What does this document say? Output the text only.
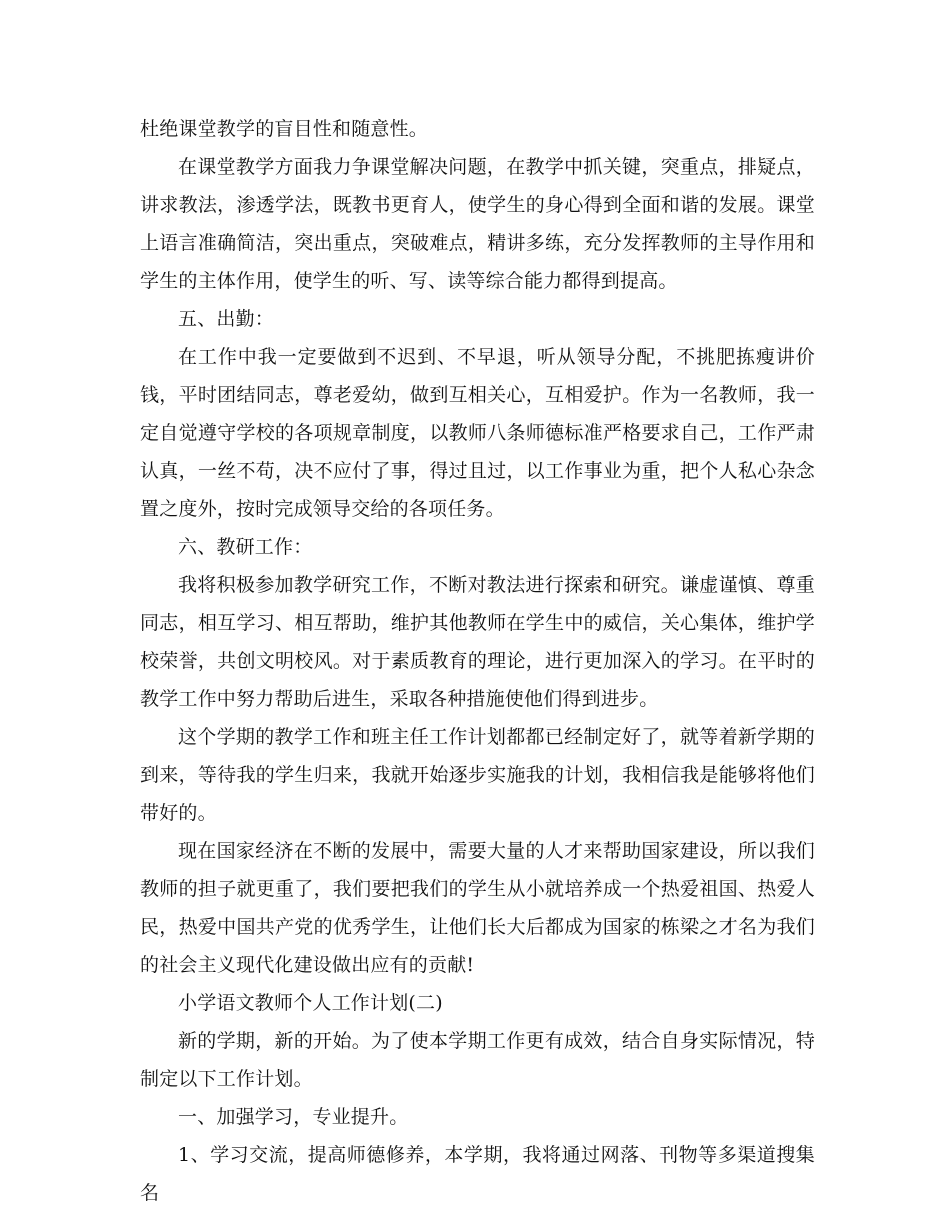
杜绝课堂教学的盲目性和随意性。

在课堂教学方面我力争课堂解决问题，在教学中抓关键，突重点，排疑点，讲求教法，渗透学法，既教书更育人，使学生的身心得到全面和谐的发展。课堂上语言准确简洁，突出重点，突破难点，精讲多练，充分发挥教师的主导作用和学生的主体作用，使学生的听、写、读等综合能力都得到提高。

五、出勤：

在工作中我一定要做到不迟到、不早退，听从领导分配，不挑肥拣瘦讲价钱，平时团结同志，尊老爱幼，做到互相关心，互相爱护。作为一名教师，我一定自觉遵守学校的各项规章制度，以教师八条师德标准严格要求自己，工作严肃认真，一丝不苟，决不应付了事，得过且过，以工作事业为重，把个人私心杂念置之度外，按时完成领导交给的各项任务。

六、教研工作：

我将积极参加教学研究工作，不断对教法进行探索和研究。谦虚谨慎、尊重同志，相互学习、相互帮助，维护其他教师在学生中的威信，关心集体，维护学校荣誉，共创文明校风。对于素质教育的理论，进行更加深入的学习。在平时的教学工作中努力帮助后进生，采取各种措施使他们得到进步。

这个学期的教学工作和班主任工作计划都都已经制定好了，就等着新学期的到来，等待我的学生归来，我就开始逐步实施我的计划，我相信我是能够将他们带好的。

现在国家经济在不断的发展中，需要大量的人才来帮助国家建设，所以我们教师的担子就更重了，我们要把我们的学生从小就培养成一个热爱祖国、热爱人民，热爱中国共产党的优秀学生，让他们长大后都成为国家的栋梁之才名为我们的社会主义现代化建设做出应有的贡献!

小学语文教师个人工作计划(二)

新的学期，新的开始。为了使本学期工作更有成效，结合自身实际情况，特制定以下工作计划。

一、加强学习，专业提升。

1、学习交流，提高师德修养，本学期，我将通过网落、刊物等多渠道搜集名
